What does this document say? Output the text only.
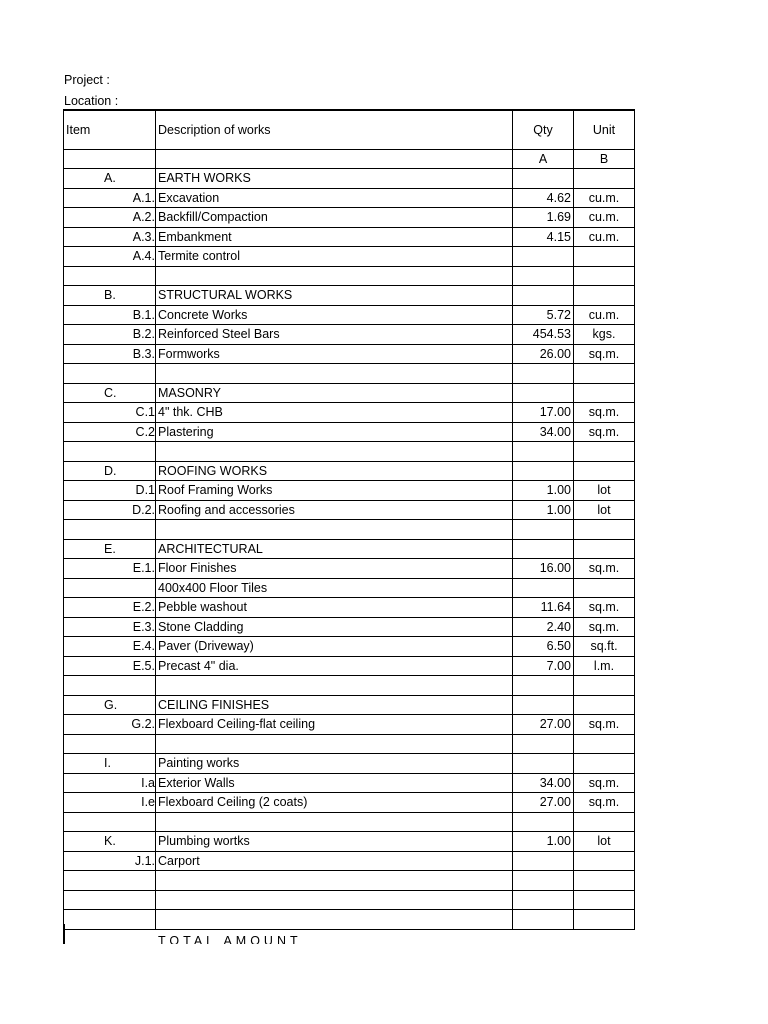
Project :
Location :
Item	Description of works	Qty	Unit
		A	B
A.	EARTH WORKS		

A.1.	Excavation	4.62	cu.m.

A.2.	Backfill/Compaction	1.69	cu.m.

A.3.	Embankment	4.15	cu.m.

A.4.	Termite control		

B.	STRUCTURAL WORKS		

B.1.	Concrete Works	5.72	cu.m.

B.2.	Reinforced Steel Bars	454.53	kgs.

B.3.	Formworks	26.00	sq.m.

C.	MASONRY		

C.1	4" thk. CHB	17.00	sq.m.

C.2	Plastering	34.00	sq.m.

D.	ROOFING WORKS		

D.1	Roof Framing Works	1.00	lot

D.2.	Roofing and accessories	1.00	lot

E.	ARCHITECTURAL		

E.1.	Floor Finishes	16.00	sq.m.

	400x400 Floor Tiles		

E.2.	Pebble washout	11.64	sq.m.

E.3.	Stone Cladding	2.40	sq.m.

E.4.	Paver (Driveway)	6.50	sq.ft.

E.5.	Precast 4" dia.	7.00	l.m.

G.	CEILING FINISHES		

G.2.	Flexboard Ceiling-flat ceiling	27.00	sq.m.

I.	Painting works		

I.a	Exterior Walls	34.00	sq.m.

I.e	Flexboard Ceiling (2 coats)	27.00	sq.m.

K.	Plumbing wortks	1.00	lot

J.1.	Carport		

TOTAL AMOUNT
